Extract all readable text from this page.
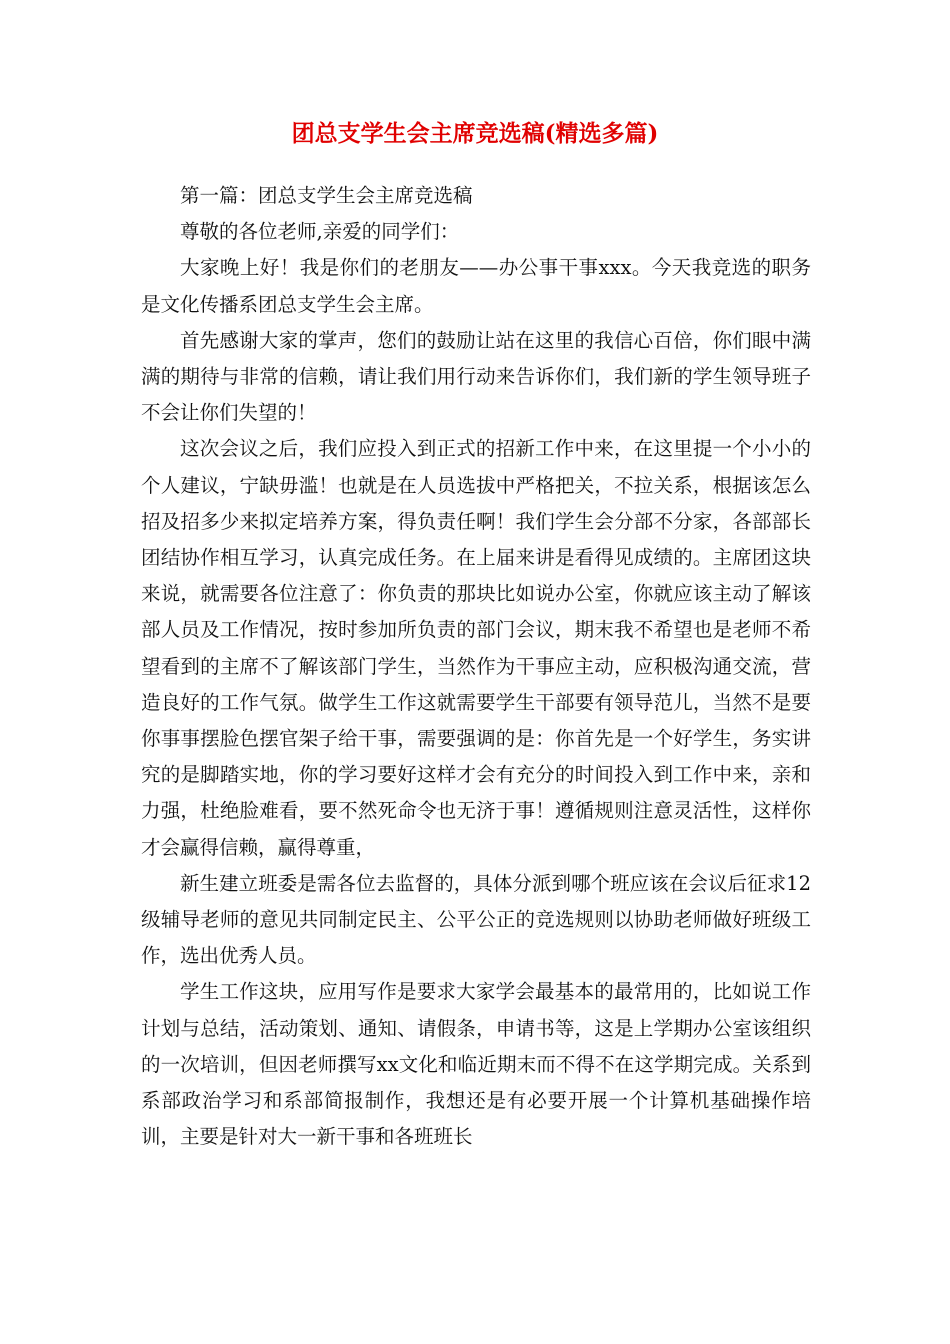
团总支学生会主席竞选稿(精选多篇)

第一篇：团总支学生会主席竞选稿

尊敬的各位老师,亲爱的同学们：

大家晚上好！我是你们的老朋友——办公事干事xxx。今天我竞选的职务是文化传播系团总支学生会主席。

首先感谢大家的掌声，您们的鼓励让站在这里的我信心百倍，你们眼中满满的期待与非常的信赖，请让我们用行动来告诉你们，我们新的学生领导班子不会让你们失望的！

这次会议之后，我们应投入到正式的招新工作中来，在这里提一个小小的个人建议，宁缺毋滥！也就是在人员选拔中严格把关，不拉关系，根据该怎么招及招多少来拟定培养方案，得负责任啊！我们学生会分部不分家，各部部长团结协作相互学习，认真完成任务。在上届来讲是看得见成绩的。主席团这块来说，就需要各位注意了：你负责的那块比如说办公室，你就应该主动了解该部人员及工作情况，按时参加所负责的部门会议，期末我不希望也是老师不希望看到的主席不了解该部门学生，当然作为干事应主动，应积极沟通交流，营造良好的工作气氛。做学生工作这就需要学生干部要有领导范儿，当然不是要你事事摆脸色摆官架子给干事，需要强调的是：你首先是一个好学生，务实讲究的是脚踏实地，你的学习要好这样才会有充分的时间投入到工作中来，亲和力强，杜绝脸难看，要不然死命令也无济于事！遵循规则注意灵活性，这样你才会赢得信赖，赢得尊重，

新生建立班委是需各位去监督的，具体分派到哪个班应该在会议后征求12级辅导老师的意见共同制定民主、公平公正的竞选规则以协助老师做好班级工作，选出优秀人员。

学生工作这块，应用写作是要求大家学会最基本的最常用的，比如说工作计划与总结，活动策划、通知、请假条，申请书等，这是上学期办公室该组织的一次培训，但因老师撰写xx文化和临近期末而不得不在这学期完成。关系到系部政治学习和系部简报制作，我想还是有必要开展一个计算机基础操作培训，主要是针对大一新干事和各班班长
